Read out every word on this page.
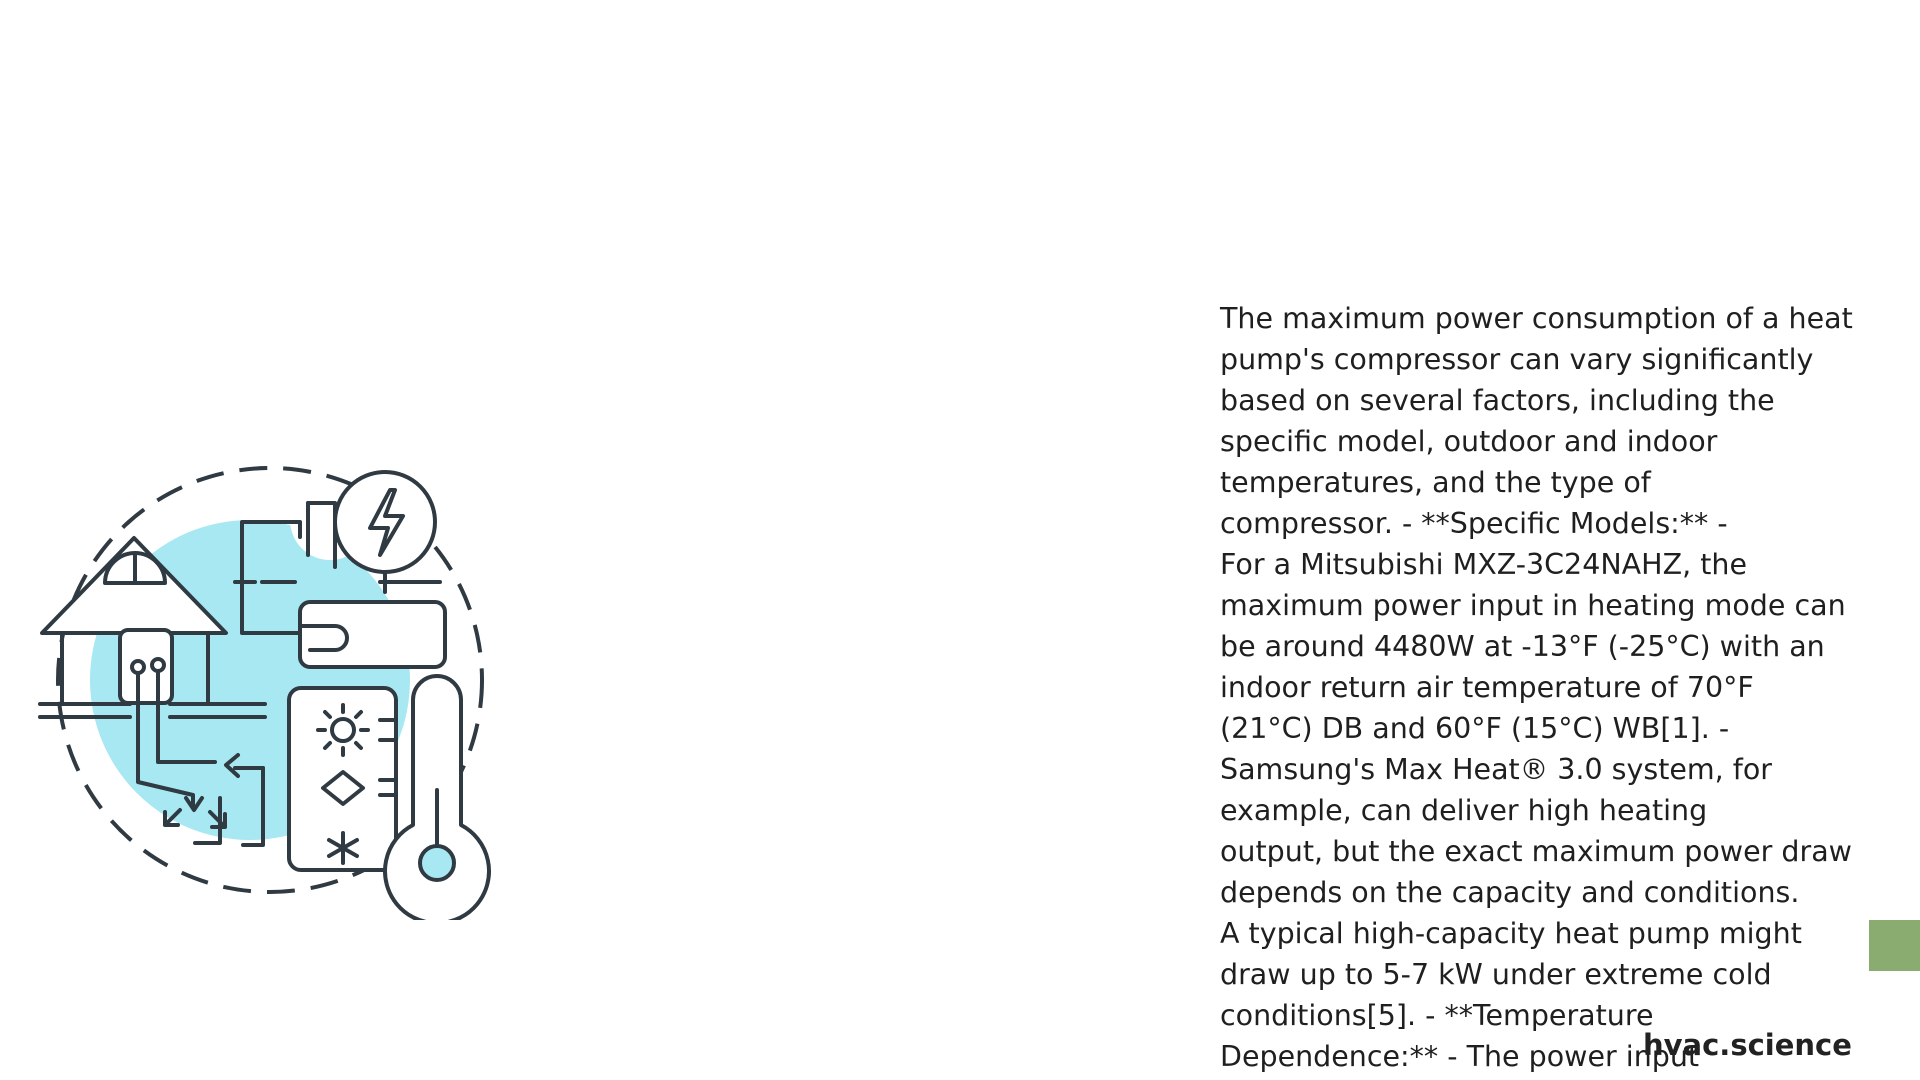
The maximum power consumption of a heat
pump's compressor can vary significantly
based on several factors, including the
specific model, outdoor and indoor
temperatures, and the type of
compressor. - **Specific Models:** -
For a Mitsubishi MXZ-3C24NAHZ, the
maximum power input in heating mode can
be around 4480W at -13°F (-25°C) with an
indoor return air temperature of 70°F
(21°C) DB and 60°F (15°C) WB[1]. -
Samsung's Max Heat® 3.0 system, for
example, can deliver high heating
output, but the exact maximum power draw
depends on the capacity and conditions.
A typical high-capacity heat pump might
draw up to 5-7 kW under extreme cold
conditions[5]. - **Temperature
Dependence:** - The power input

hvac.science
